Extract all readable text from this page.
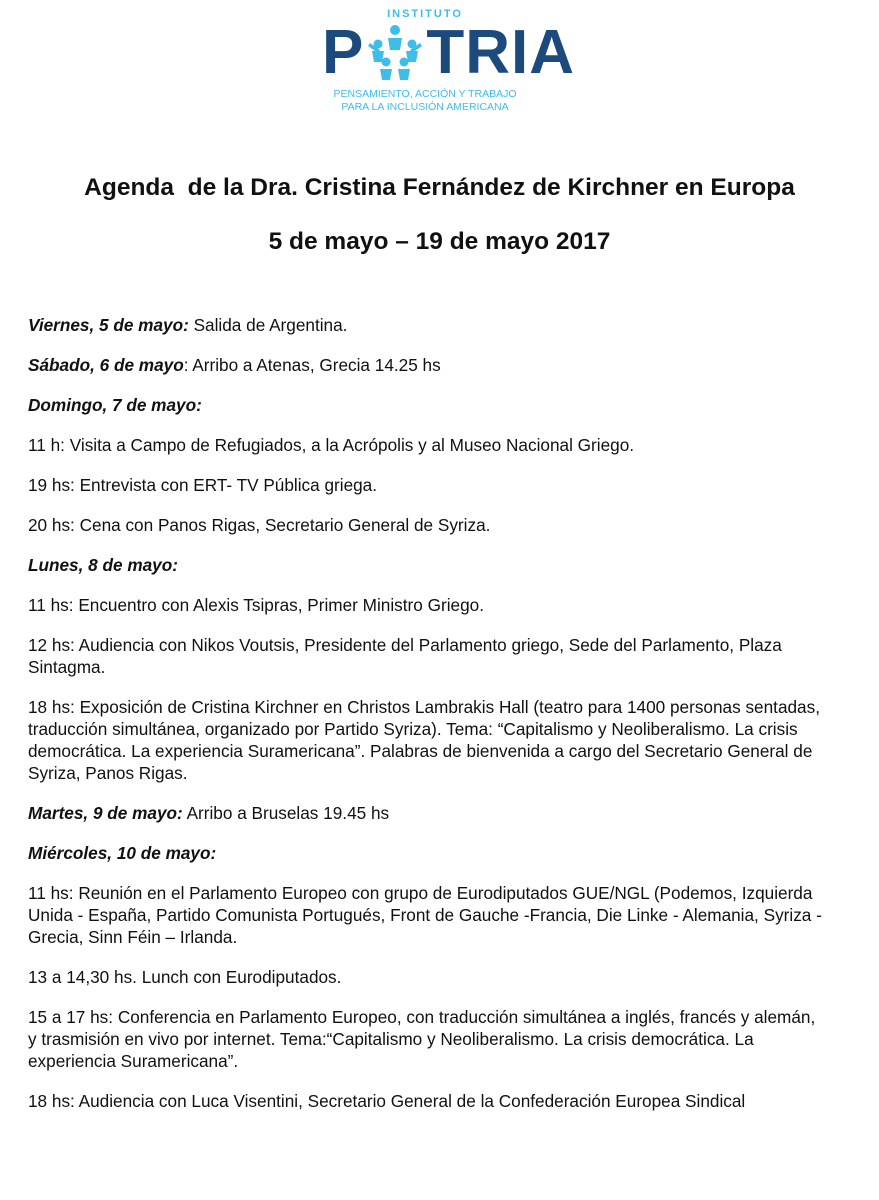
INSTITUTO
P TRIA
PENSAMIENTO, ACCIÓN Y TRABAJO
PARA LA INCLUSIÓN AMERICANA
Agenda  de la Dra. Cristina Fernández de Kirchner en Europa
5 de mayo – 19 de mayo 2017

Viernes, 5 de mayo: Salida de Argentina.

Sábado, 6 de mayo: Arribo a Atenas, Grecia 14.25 hs

Domingo, 7 de mayo:

11 h: Visita a Campo de Refugiados, a la Acrópolis y al Museo Nacional Griego.

19 hs: Entrevista con ERT- TV Pública griega.

20 hs: Cena con Panos Rigas, Secretario General de Syriza.

Lunes, 8 de mayo:

11 hs: Encuentro con Alexis Tsipras, Primer Ministro Griego.

12 hs: Audiencia con Nikos Voutsis, Presidente del Parlamento griego, Sede del Parlamento, Plaza Sintagma.

18 hs: Exposición de Cristina Kirchner en Christos Lambrakis Hall (teatro para 1400 personas sentadas, traducción simultánea, organizado por Partido Syriza). Tema: “Capitalismo y Neoliberalismo. La crisis democrática. La experiencia Suramericana”. Palabras de bienvenida a cargo del Secretario General de Syriza, Panos Rigas.

Martes, 9 de mayo: Arribo a Bruselas 19.45 hs

Miércoles, 10 de mayo:

11 hs: Reunión en el Parlamento Europeo con grupo de Eurodiputados GUE/NGL (Podemos, Izquierda Unida - España, Partido Comunista Portugués, Front de Gauche -Francia, Die Linke - Alemania, Syriza - Grecia, Sinn Féin – Irlanda.

13 a 14,30 hs. Lunch con Eurodiputados.

15 a 17 hs: Conferencia en Parlamento Europeo, con traducción simultánea a inglés, francés y alemán, y trasmisión en vivo por internet. Tema:“Capitalismo y Neoliberalismo. La crisis democrática. La experiencia Suramericana”.

18 hs: Audiencia con Luca Visentini, Secretario General de la Confederación Europea Sindical
